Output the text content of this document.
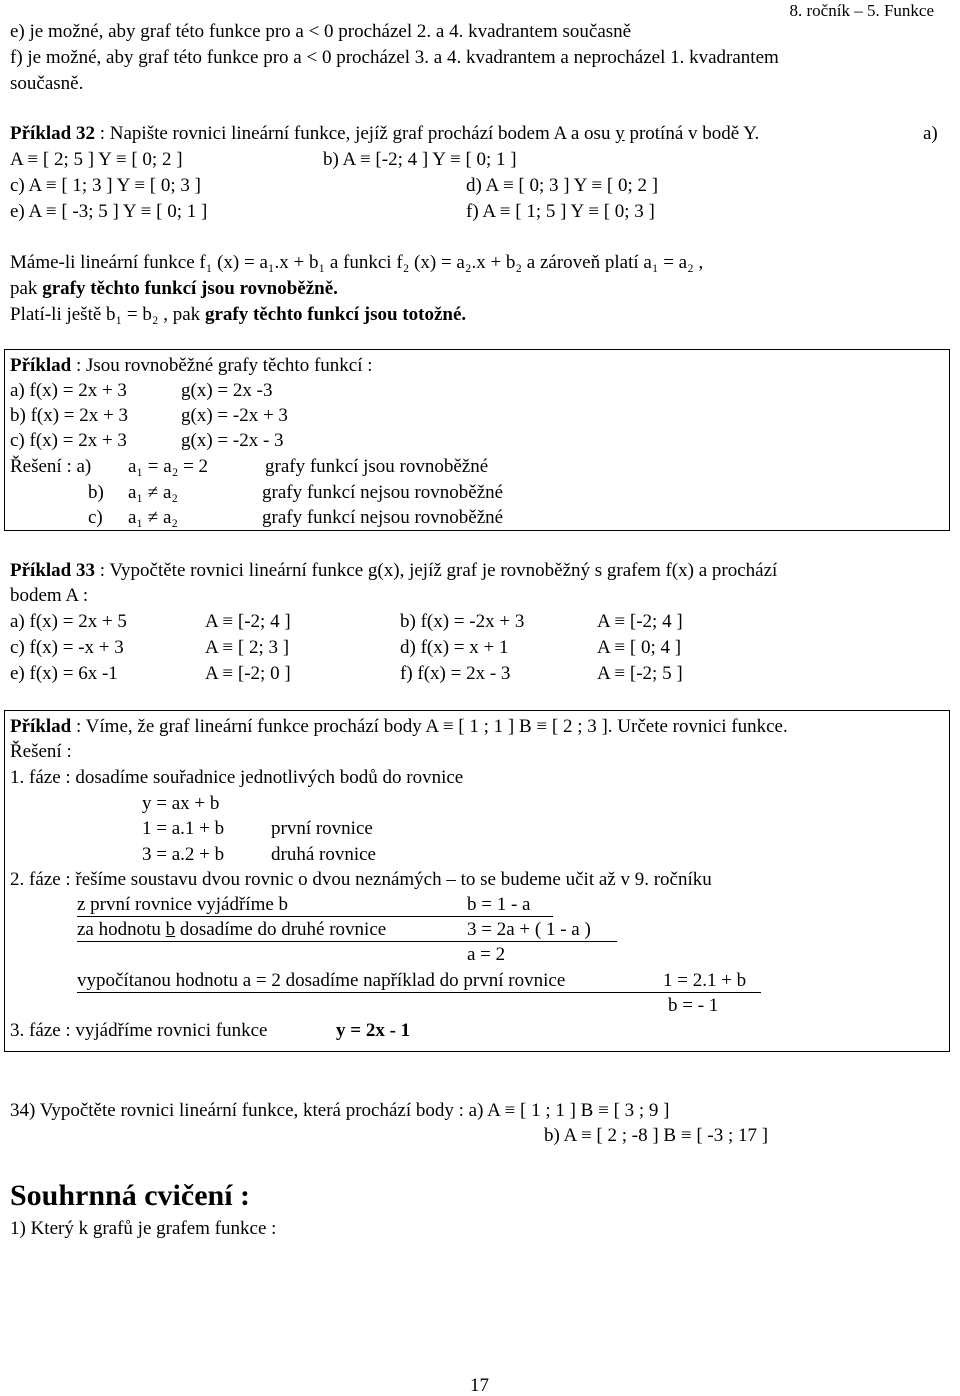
8. ročník – 5. Funkce
e) je možné, aby graf této funkce pro a < 0 procházel 2. a 4. kvadrantem současně
f) je možné, aby graf této funkce pro a < 0 procházel 3. a 4. kvadrantem a neprocházel 1. kvadrantem
současně.
Příklad 32 : Napište rovnici lineární funkce, jejíž graf prochází bodem A a osu y protíná v bodě Y.	a)
A ≡ [ 2; 5 ] Y ≡ [ 0; 2 ]	b) A ≡ [-2; 4 ] Y ≡ [ 0; 1 ]
c) A ≡ [ 1; 3 ] Y ≡ [ 0; 3 ]	d) A ≡ [ 0; 3 ] Y ≡ [ 0; 2 ]
e) A ≡ [ -3; 5 ] Y ≡ [ 0; 1 ]	f) A ≡ [ 1; 5 ] Y ≡ [ 0; 3 ]
Máme-li lineární funkce f₁ (x) = a₁.x + b₁ a funkci f₂ (x) = a₂.x + b₂ a zároveň platí a₁ = a₂ ,
pak grafy těchto funkcí jsou rovnoběžně.
Platí-li ještě b₁ = b₂ , pak grafy těchto funkcí jsou totožné.
Příklad : Jsou rovnoběžné grafy těchto funkcí :
a) f(x) = 2x + 3	g(x) = 2x -3
b) f(x) = 2x + 3	g(x) = -2x + 3
c) f(x) = 2x + 3	g(x) = -2x - 3
Řešení : a) a₁ = a₂ = 2	grafy funkcí jsou rovnoběžné
b) a₁ ≠ a₂	grafy funkcí nejsou rovnoběžné
c) a₁ ≠ a₂	grafy funkcí nejsou rovnoběžné
Příklad 33 : Vypočtěte rovnici lineární funkce g(x), jejíž graf je rovnoběžný s grafem f(x) a prochází
bodem A :
a) f(x) = 2x + 5	A ≡ [-2; 4 ]	b) f(x) = -2x + 3	A ≡ [-2; 4 ]
c) f(x) = -x + 3	A ≡ [ 2; 3 ]	d) f(x) = x + 1	A ≡ [ 0; 4 ]
e) f(x) = 6x -1	A ≡ [-2; 0 ]	f) f(x) = 2x - 3	A ≡ [-2; 5 ]
Příklad : Víme, že graf lineární funkce prochází body A ≡ [ 1 ; 1 ] B ≡ [ 2 ; 3 ]. Určete rovnici funkce.
Řešení :
1. fáze : dosadíme souřadnice jednotlivých bodů do rovnice
y = ax + b
1 = a.1 + b první rovnice
3 = a.2 + b druhá rovnice
2. fáze : řešíme soustavu dvou rovnic o dvou neznámých – to se budeme učit až v 9. ročníku
z první rovnice vyjádříme b	b = 1 - a
za hodnotu b dosadíme do druhé rovnice	3 = 2a + ( 1 - a )
a = 2
vypočítanou hodnotu a = 2 dosadíme například do první rovnice	1 = 2.1 + b
b = - 1
3. fáze : vyjádříme rovnici funkce	y = 2x - 1
34) Vypočtěte rovnici lineární funkce, která prochází body : a) A ≡ [ 1 ; 1 ] B ≡ [ 3 ; 9 ]
b) A ≡ [ 2 ; -8 ] B ≡ [ -3 ; 17 ]
Souhrnná cvičení :
1) Který k grafů je grafem funkce :
17
